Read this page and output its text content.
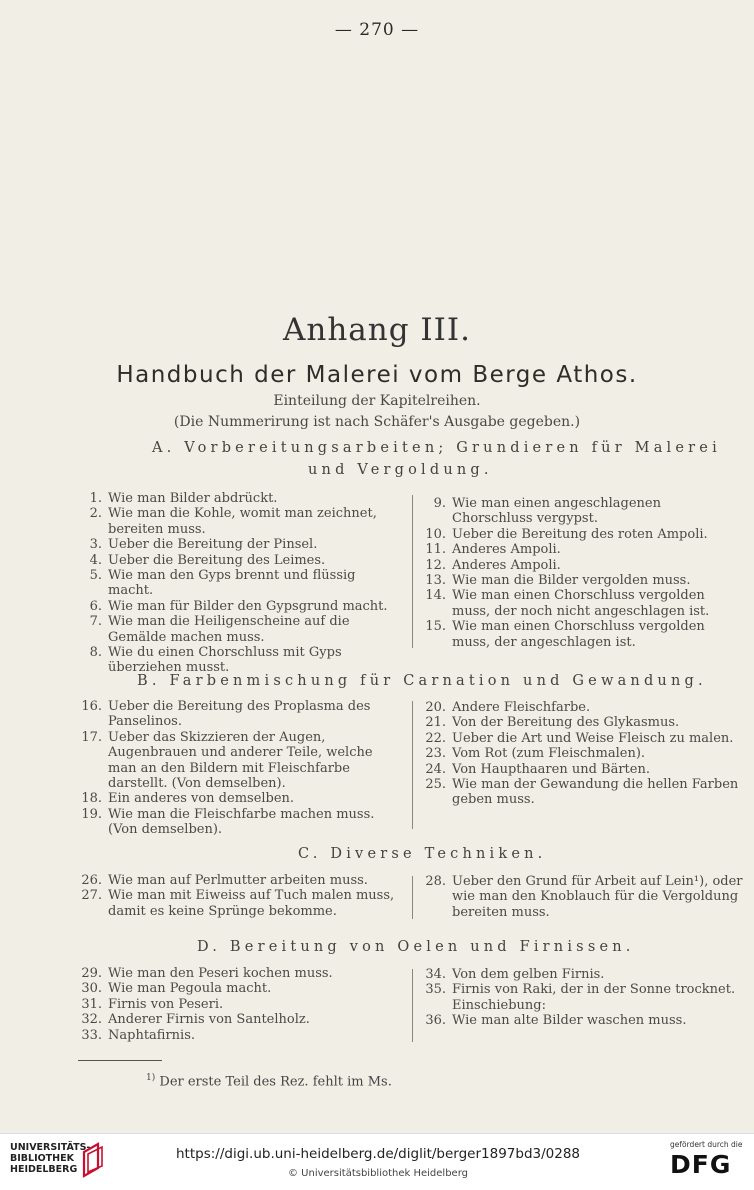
— 270 —
Anhang III.
Handbuch der Malerei vom Berge Athos.
Einteilung der Kapitelreihen.
(Die Nummerirung ist nach Schäfer's Ausgabe gegeben.)
A. Vorbereitungsarbeiten; Grundieren für Malerei
und Vergoldung.
1. Wie man Bilder abdrückt.
2. Wie man die Kohle, womit man zeichnet, bereiten muss.
3. Ueber die Bereitung der Pinsel.
4. Ueber die Bereitung des Leimes.
5. Wie man den Gyps brennt und flüssig macht.
6. Wie man für Bilder den Gypsgrund macht.
7. Wie man die Heiligenscheine auf die Gemälde machen muss.
8. Wie du einen Chorschluss mit Gyps überziehen musst.
9. Wie man einen angeschlagenen Chorschluss vergypst.
10. Ueber die Bereitung des roten Ampoli.
11. Anderes Ampoli.
12. Anderes Ampoli.
13. Wie man die Bilder vergolden muss.
14. Wie man einen Chorschluss vergolden muss, der noch nicht angeschlagen ist.
15. Wie man einen Chorschluss vergolden muss, der angeschlagen ist.
B. Farbenmischung für Carnation und Gewandung.
16. Ueber die Bereitung des Proplasma des Panselinos.
17. Ueber das Skizzieren der Augen, Augenbrauen und anderer Teile, welche man an den Bildern mit Fleischfarbe darstellt. (Von demselben).
18. Ein anderes von demselben.
19. Wie man die Fleischfarbe machen muss. (Von demselben).
20. Andere Fleischfarbe.
21. Von der Bereitung des Glykasmus.
22. Ueber die Art und Weise Fleisch zu malen.
23. Vom Rot (zum Fleischmalen).
24. Von Haupthaaren und Bärten.
25. Wie man der Gewandung die hellen Farben geben muss.
C. Diverse Techniken.
26. Wie man auf Perlmutter arbeiten muss.
27. Wie man mit Eiweiss auf Tuch malen muss, damit es keine Sprünge bekomme.
28. Ueber den Grund für Arbeit auf Lein¹), oder wie man den Knoblauch für die Vergoldung bereiten muss.
D. Bereitung von Oelen und Firnissen.
29. Wie man den Peseri kochen muss.
30. Wie man Pegoula macht.
31. Firnis von Peseri.
32. Anderer Firnis von Santelholz.
33. Naphtafirnis.
34. Von dem gelben Firnis.
35. Firnis von Raki, der in der Sonne trocknet. Einschiebung:
36. Wie man alte Bilder waschen muss.
$^{1)}$ Der erste Teil des Rez. fehlt im Ms.
UNIVERSITÄTS-
BIBLIOTHEK
HEIDELBERG
https://digi.ub.uni-heidelberg.de/diglit/berger1897bd3/0288
© Universitätsbibliothek Heidelberg
gefördert durch die
DFG
